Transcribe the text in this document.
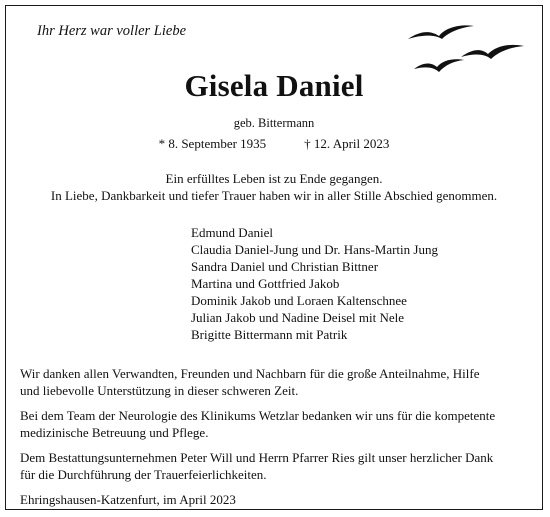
Ihr Herz war voller Liebe
Gisela Daniel
geb. Bittermann
* 8. September 1935	† 12. April 2023
Ein erfülltes Leben ist zu Ende gegangen.
In Liebe, Dankbarkeit und tiefer Trauer haben wir in aller Stille Abschied genommen.
Edmund Daniel
Claudia Daniel-Jung und Dr. Hans-Martin Jung
Sandra Daniel und Christian Bittner
Martina und Gottfried Jakob
Dominik Jakob und Loraen Kaltenschnee
Julian Jakob und Nadine Deisel mit Nele
Brigitte Bittermann mit Patrik

Wir danken allen Verwandten, Freunden und Nachbarn für die große Anteilnahme, Hilfe
und liebevolle Unterstützung in dieser schweren Zeit.

Bei dem Team der Neurologie des Klinikums Wetzlar bedanken wir uns für die kompetente
medizinische Betreuung und Pflege.

Dem Bestattungsunternehmen Peter Will und Herrn Pfarrer Ries gilt unser herzlicher Dank
für die Durchführung der Trauerfeierlichkeiten.

Ehringshausen-Katzenfurt, im April 2023
